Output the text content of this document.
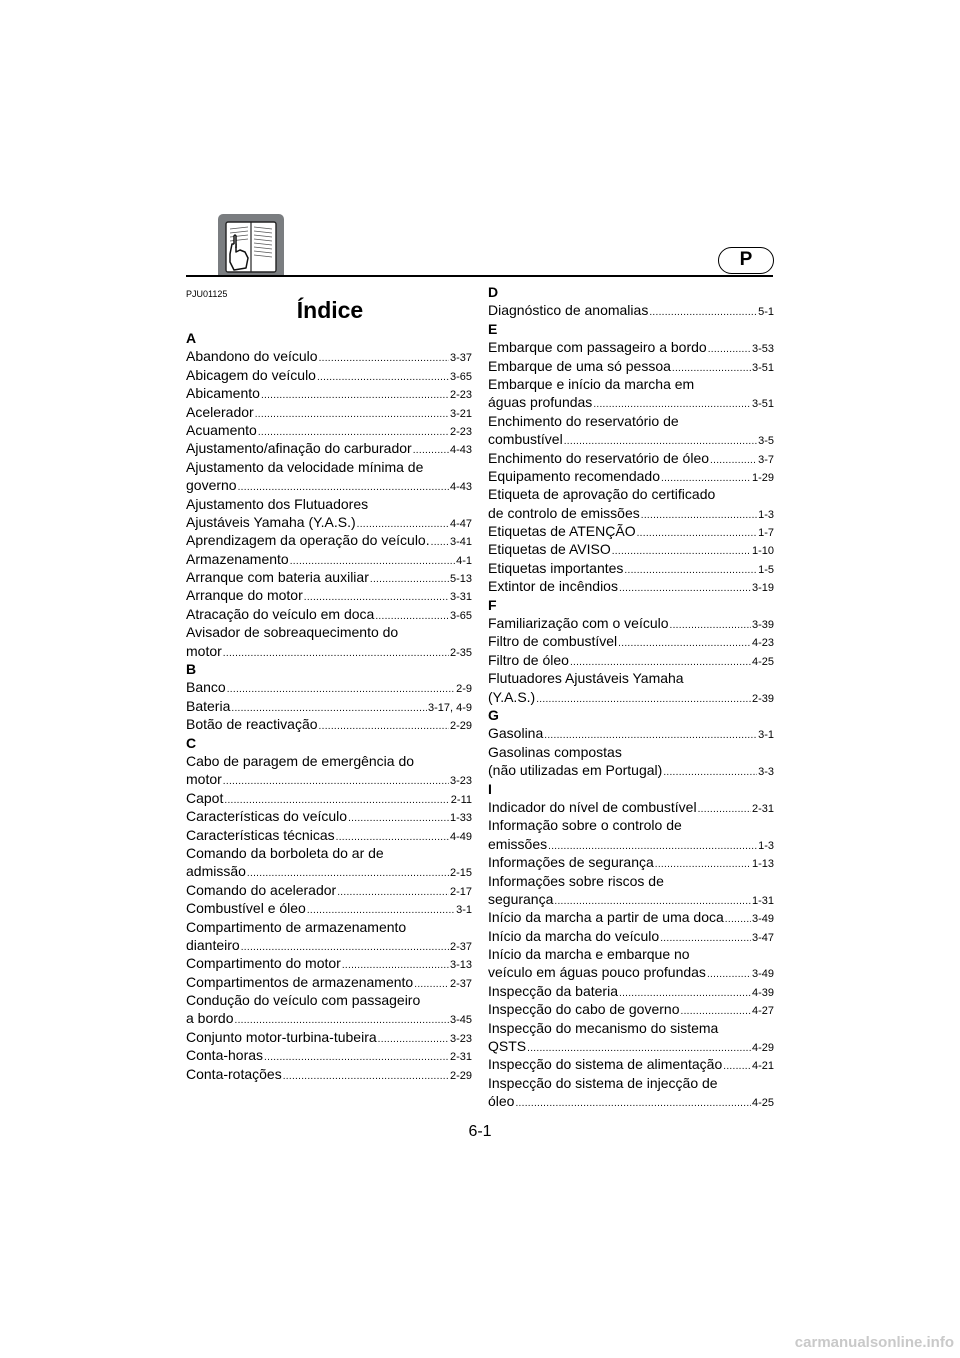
P
PJU01125
Índice
A
Abandono do veículo .....	3-37
Abicagem do veículo .....	3-65
Abicamento .....	2-23
Acelerador .....	3-21
Acuamento .....	2-23
Ajustamento/afinação do carburador .....	4-43
Ajustamento da velocidade mínima de
governo .....	4-43
Ajustamento dos Flutuadores
Ajustáveis Yamaha (Y.A.S.) .....	4-47
Aprendizagem da operação do veículo. ..... 3-41
Armazenamento .....	4-1
Arranque com bateria auxiliar .....	5-13
Arranque do motor .....	3-31
Atracação do veículo em doca .....	3-65
Avisador de sobreaquecimento do
motor .....	2-35
B
Banco .....	2-9
Bateria .....	3-17, 4-9
Botão de reactivação .....	2-29
C
Cabo de paragem de emergência do
motor .....	3-23
Capot .....	2-11
Características do veículo .....	1-33
Características técnicas .....	4-49
Comando da borboleta do ar de
admissão .....	2-15
Comando do acelerador .....	2-17
Combustível e óleo .....	3-1
Compartimento de armazenamento
dianteiro .....	2-37
Compartimento do motor .....	3-13
Compartimentos de armazenamento .....	2-37
Condução do veículo com passageiro
a bordo .....	3-45
Conjunto motor-turbina-tubeira .....	3-23
Conta-horas .....	2-31
Conta-rotações .....	2-29
D
Diagnóstico de anomalias .....	5-1
E
Embarque com passageiro a bordo .....	3-53
Embarque de uma só pessoa .....	3-51
Embarque e início da marcha em
águas profundas .....	3-51
Enchimento do reservatório de
combustível .....	3-5
Enchimento do reservatório de óleo .....	3-7
Equipamento recomendado .....	1-29
Etiqueta de aprovação do certificado
de controlo de emissões .....	1-3
Etiquetas de ATENÇÃO .....	1-7
Etiquetas de AVISO .....	1-10
Etiquetas importantes .....	1-5
Extintor de incêndios .....	3-19
F
Familiarização com o veículo .....	3-39
Filtro de combustível .....	4-23
Filtro de óleo .....	4-25
Flutuadores Ajustáveis Yamaha
(Y.A.S.) .....	2-39
G
Gasolina .....	3-1
Gasolinas compostas
(não utilizadas em Portugal) .....	3-3
I
Indicador do nível de combustível .....	2-31
Informação sobre o controlo de
emissões .....	1-3
Informações de segurança .....	1-13
Informações sobre riscos de
segurança .....	1-31
Início da marcha a partir de uma doca .....	3-49
Início da marcha do veículo .....	3-47
Início da marcha e embarque no
veículo em águas pouco profundas .....	3-49
Inspecção da bateria .....	4-39
Inspecção do cabo de governo .....	4-27
Inspecção do mecanismo do sistema
QSTS .....	4-29
Inspecção do sistema de alimentação .....	4-21
Inspecção do sistema de injecção de
óleo .....	4-25
6-1
carmanualsonline.info
